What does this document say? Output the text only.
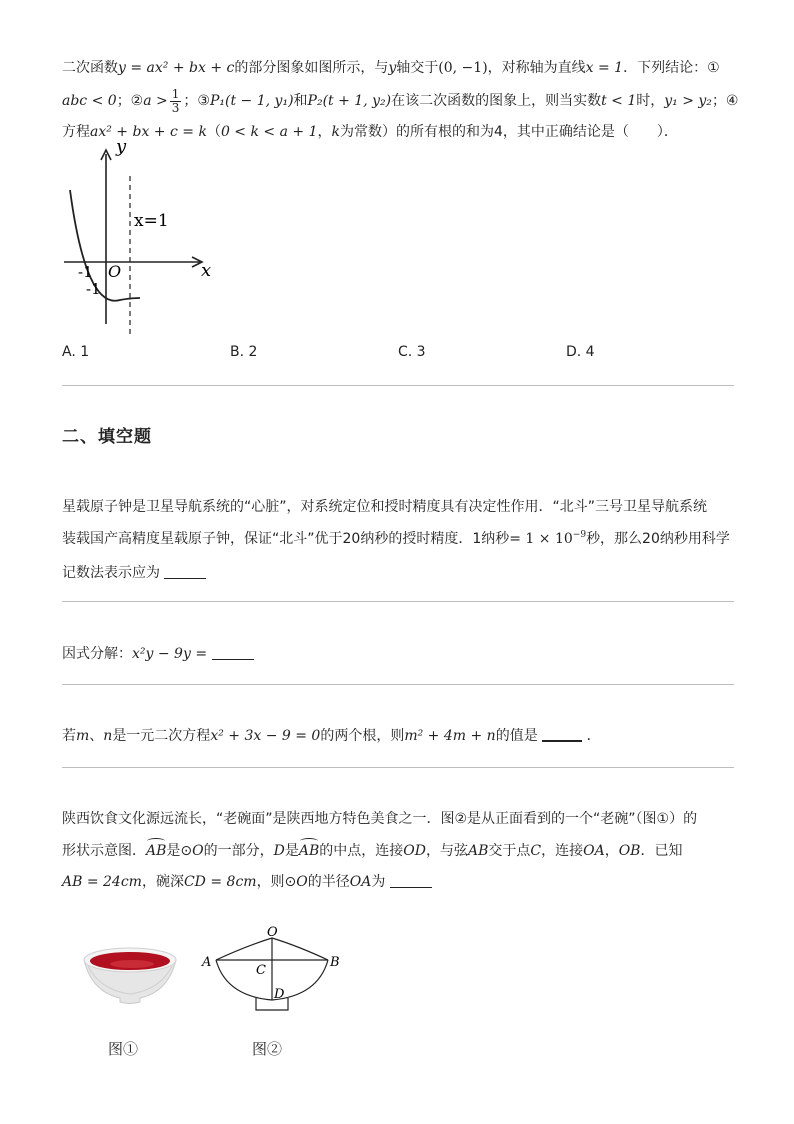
二次函数y = ax² + bx + c的部分图象如图所示，与y轴交于(0, −1)，对称轴为直线x = 1．下列结论：①
abc < 0；②a > $\frac{1}{3}$ ；③P₁(t − 1, y₁)和P₂(t + 1, y₂)在该二次函数的图象上，则当实数t < 1时，y₁ > y₂；④
方程ax² + bx + c = k（0 < k < a + 1，k为常数）的所有根的和为4，其中正确结论是（　　）．
y
x
x=1
O
-1
-1
A. 1	B. 2	C. 3	D. 4
二、填空题
星载原子钟是卫星导航系统的“心脏”，对系统定位和授时精度具有决定性作用．“北斗”三号卫星导航系统
装载国产高精度星载原子钟，保证“北斗”优于20纳秒的授时精度．1纳秒= $1 \times 10^{-9}$秒，那么20纳秒用科学
记数法表示应为
因式分解：x²y − 9y =
若m、n是一元二次方程x² + 3x − 9 = 0的两个根，则m² + 4m + n的值是	．
陕西饮食文化源远流长，“老碗面”是陕西地方特色美食之一．图②是从正面看到的一个“老碗”（图①）的
形状示意图．AB是⊙O的一部分，D是AB的中点，连接OD，与弦AB交于点C，连接OA，OB．已知
AB = 24cm，碗深CD = 8cm，则⊙O的半径OA为
图①
O
A	B
C
D
图②
